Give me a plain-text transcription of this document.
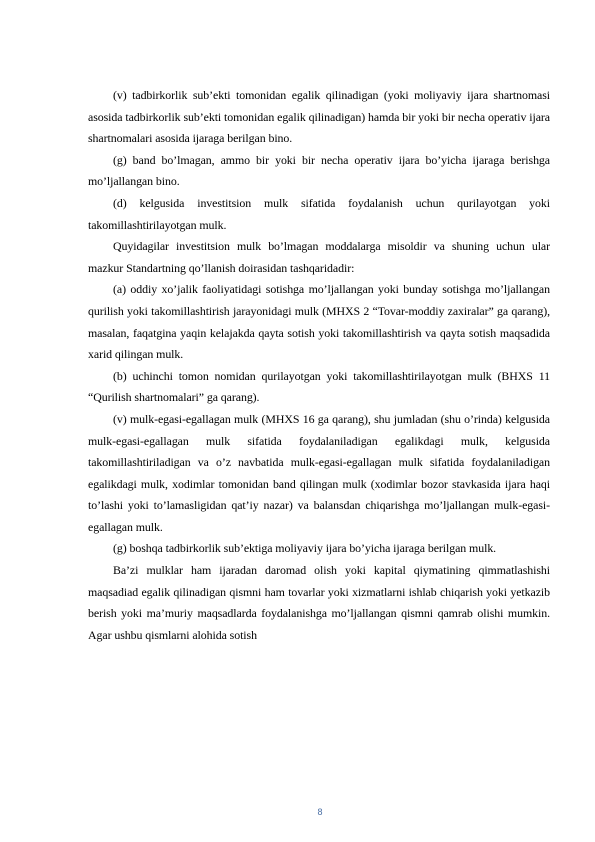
(v) tadbirkorlik sub’ekti tomonidan egalik qilinadigan (yoki moliyaviy ijara shartnomasi asosida tadbirkorlik sub’ekti tomonidan egalik qilinadigan) hamda bir yoki bir necha operativ ijara shartnomalari asosida ijaraga berilgan bino.

(g) band bo’lmagan, ammo bir yoki bir necha operativ ijara bo’yicha ijaraga berishga mo’ljallangan bino.

(d) kelgusida investitsion mulk sifatida foydalanish uchun qurilayotgan yoki takomillashtirilayotgan mulk.

Quyidagilar investitsion mulk bo’lmagan moddalarga misoldir va shuning uchun ular mazkur Standartning qo’llanish doirasidan tashqaridadir:

(a) oddiy xo’jalik faoliyatidagi sotishga mo’ljallangan yoki bunday sotishga mo’ljallangan qurilish yoki takomillashtirish jarayonidagi mulk (MHXS 2 “Tovar-moddiy zaxiralar” ga qarang), masalan, faqatgina yaqin kelajakda qayta sotish yoki takomillashtirish va qayta sotish maqsadida xarid qilingan mulk.

(b) uchinchi tomon nomidan qurilayotgan yoki takomillashtirilayotgan mulk (BHXS 11 “Qurilish shartnomalari” ga qarang).

(v) mulk-egasi-egallagan mulk (MHXS 16 ga qarang), shu jumladan (shu o’rinda) kelgusida mulk-egasi-egallagan mulk sifatida foydalaniladigan egalikdagi mulk, kelgusida takomillashtiriladigan va o’z navbatida mulk-egasi-egallagan mulk sifatida foydalaniladigan egalikdagi mulk, xodimlar tomonidan band qilingan mulk (xodimlar bozor stavkasida ijara haqi to’lashi yoki to’lamasligidan qat’iy nazar) va balansdan chiqarishga mo’ljallangan mulk-egasi-egallagan mulk.

(g) boshqa tadbirkorlik sub’ektiga moliyaviy ijara bo’yicha ijaraga berilgan mulk.

Ba’zi mulklar ham ijaradan daromad olish yoki kapital qiymatining qimmatlashishi maqsadiad egalik qilinadigan qismni ham tovarlar yoki xizmatlarni ishlab chiqarish yoki yetkazib berish yoki ma’muriy maqsadlarda foydalanishga mo’ljallangan qismni qamrab olishi mumkin. Agar ushbu qismlarni alohida sotish

8
